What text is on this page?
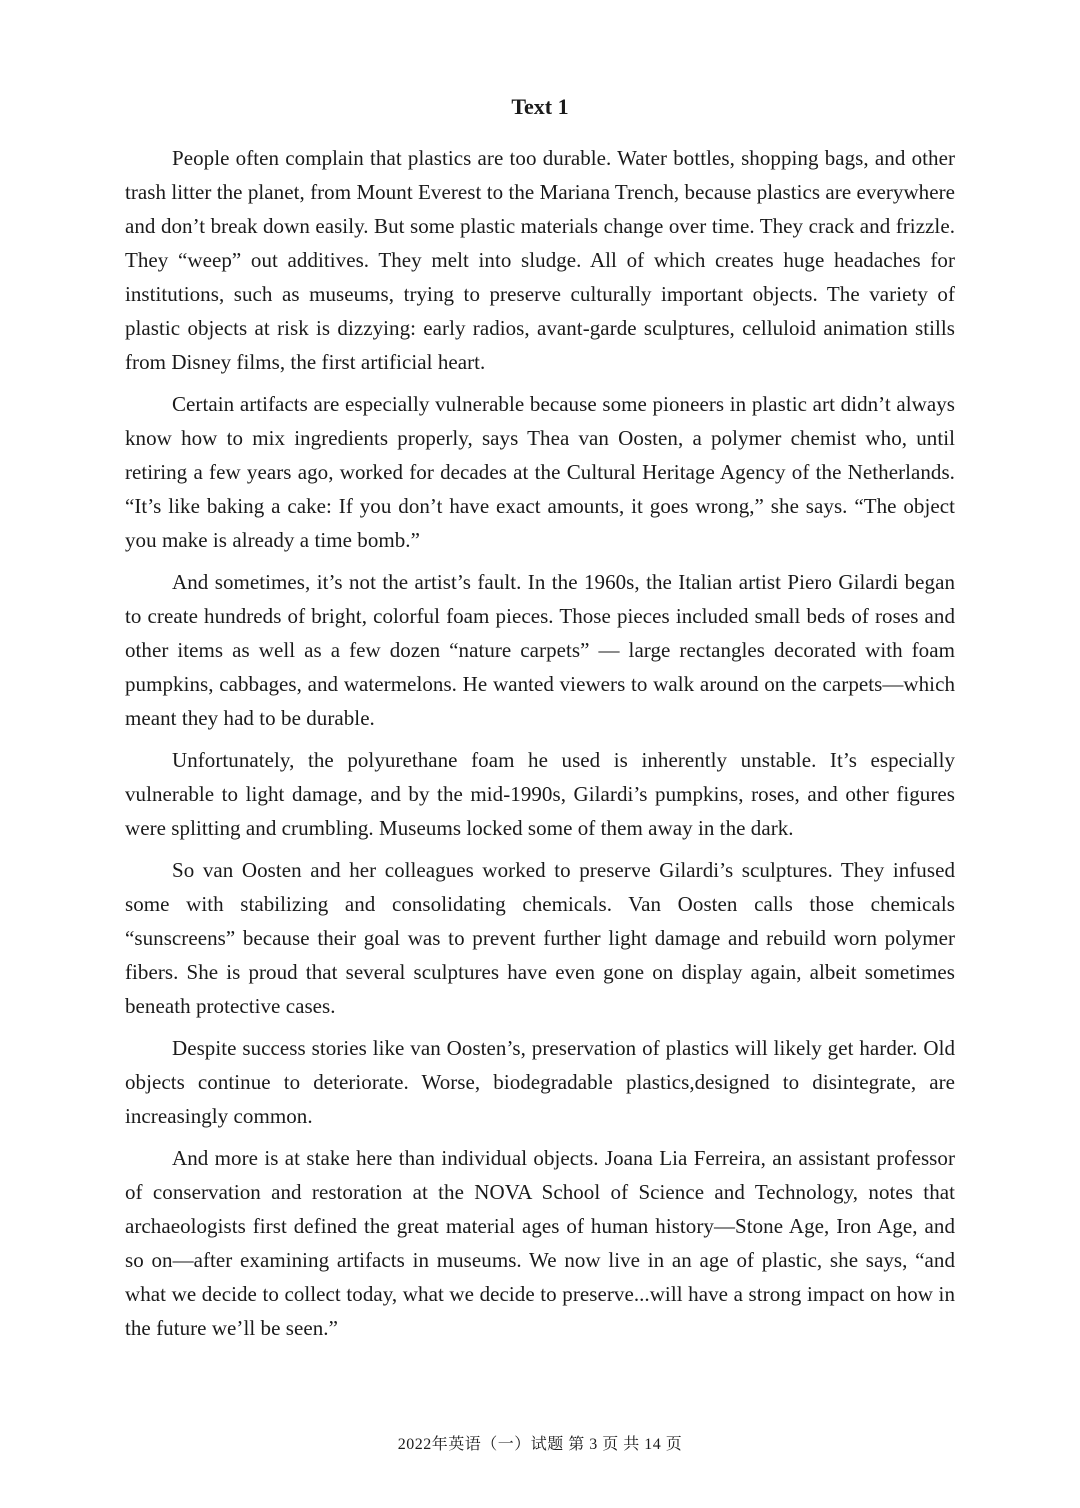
Text 1

People often complain that plastics are too durable. Water bottles, shopping bags, and other trash litter the planet, from Mount Everest to the Mariana Trench, because plastics are everywhere and don’t break down easily. But some plastic materials change over time. They crack and frizzle. They “weep” out additives. They melt into sludge. All of which creates huge headaches for institutions, such as museums, trying to preserve culturally important objects. The variety of plastic objects at risk is dizzying: early radios, avant-garde sculptures, celluloid animation stills from Disney films, the first artificial heart.

Certain artifacts are especially vulnerable because some pioneers in plastic art didn’t always know how to mix ingredients properly, says Thea van Oosten, a polymer chemist who, until retiring a few years ago, worked for decades at the Cultural Heritage Agency of the Netherlands. “It’s like baking a cake: If you don’t have exact amounts, it goes wrong,” she says. “The object you make is already a time bomb.”

And sometimes, it’s not the artist’s fault. In the 1960s, the Italian artist Piero Gilardi began to create hundreds of bright, colorful foam pieces. Those pieces included small beds of roses and other items as well as a few dozen “nature carpets” — large rectangles decorated with foam pumpkins, cabbages, and watermelons. He wanted viewers to walk around on the carpets—which meant they had to be durable.

Unfortunately, the polyurethane foam he used is inherently unstable. It’s especially vulnerable to light damage, and by the mid-1990s, Gilardi’s pumpkins, roses, and other figures were splitting and crumbling. Museums locked some of them away in the dark.

So van Oosten and her colleagues worked to preserve Gilardi’s sculptures. They infused some with stabilizing and consolidating chemicals. Van Oosten calls those chemicals “sunscreens” because their goal was to prevent further light damage and rebuild worn polymer fibers. She is proud that several sculptures have even gone on display again, albeit sometimes beneath protective cases.

Despite success stories like van Oosten’s, preservation of plastics will likely get harder. Old objects continue to deteriorate. Worse, biodegradable plastics,designed to disintegrate, are increasingly common.

And more is at stake here than individual objects. Joana Lia Ferreira, an assistant professor of conservation and restoration at the NOVA School of Science and Technology, notes that archaeologists first defined the great material ages of human history—Stone Age, Iron Age, and so on—after examining artifacts in museums. We now live in an age of plastic, she says, “and what we decide to collect today, what we decide to preserve...will have a strong impact on how in the future we’ll be seen.”

2022年英语（一）试题 第 3 页 共 14 页
